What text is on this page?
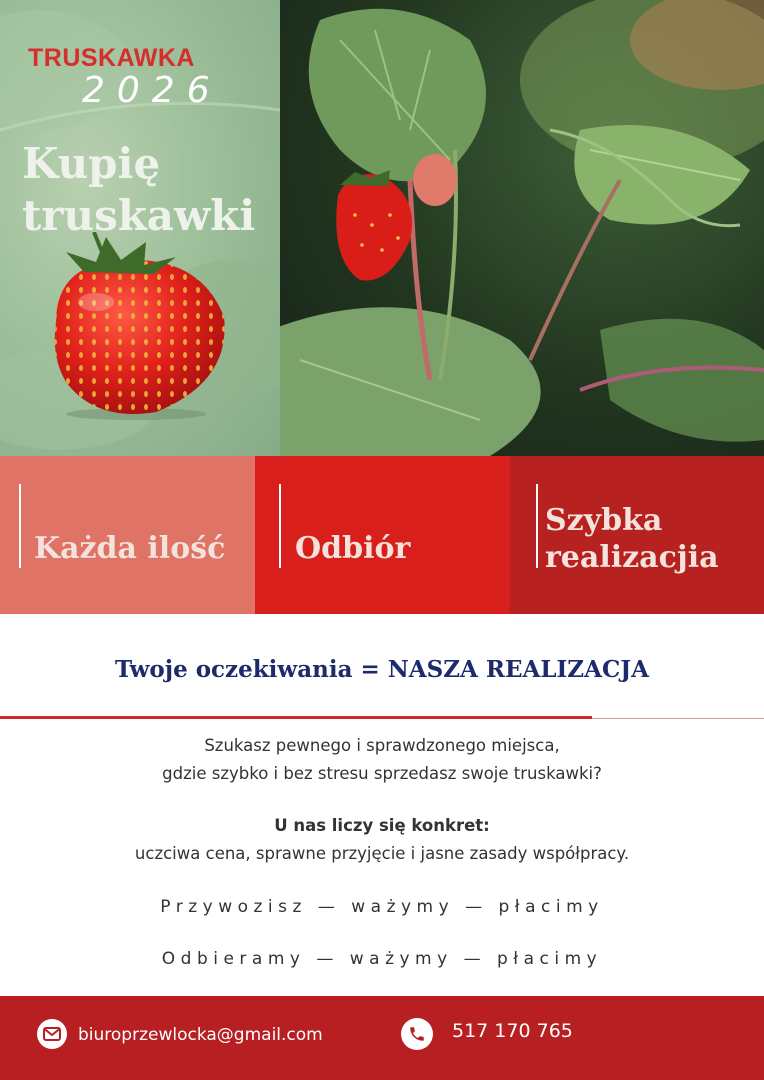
TRUSKAWKA
2026
Kupię truskawki
Każda ilość	Odbiór
Szybka realizacjia
Twoje oczekiwania = NASZA REALIZACJA
Szukasz pewnego i sprawdzonego miejsca,
gdzie szybko i bez stresu sprzedasz swoje truskawki?
U nas liczy się konkret:
uczciwa cena, sprawne przyjęcie i jasne zasady współpracy.
Przywozisz — ważymy — płacimy
Odbieramy — ważymy — płacimy
biuroprzewlocka@gmail.com	517 170 765
